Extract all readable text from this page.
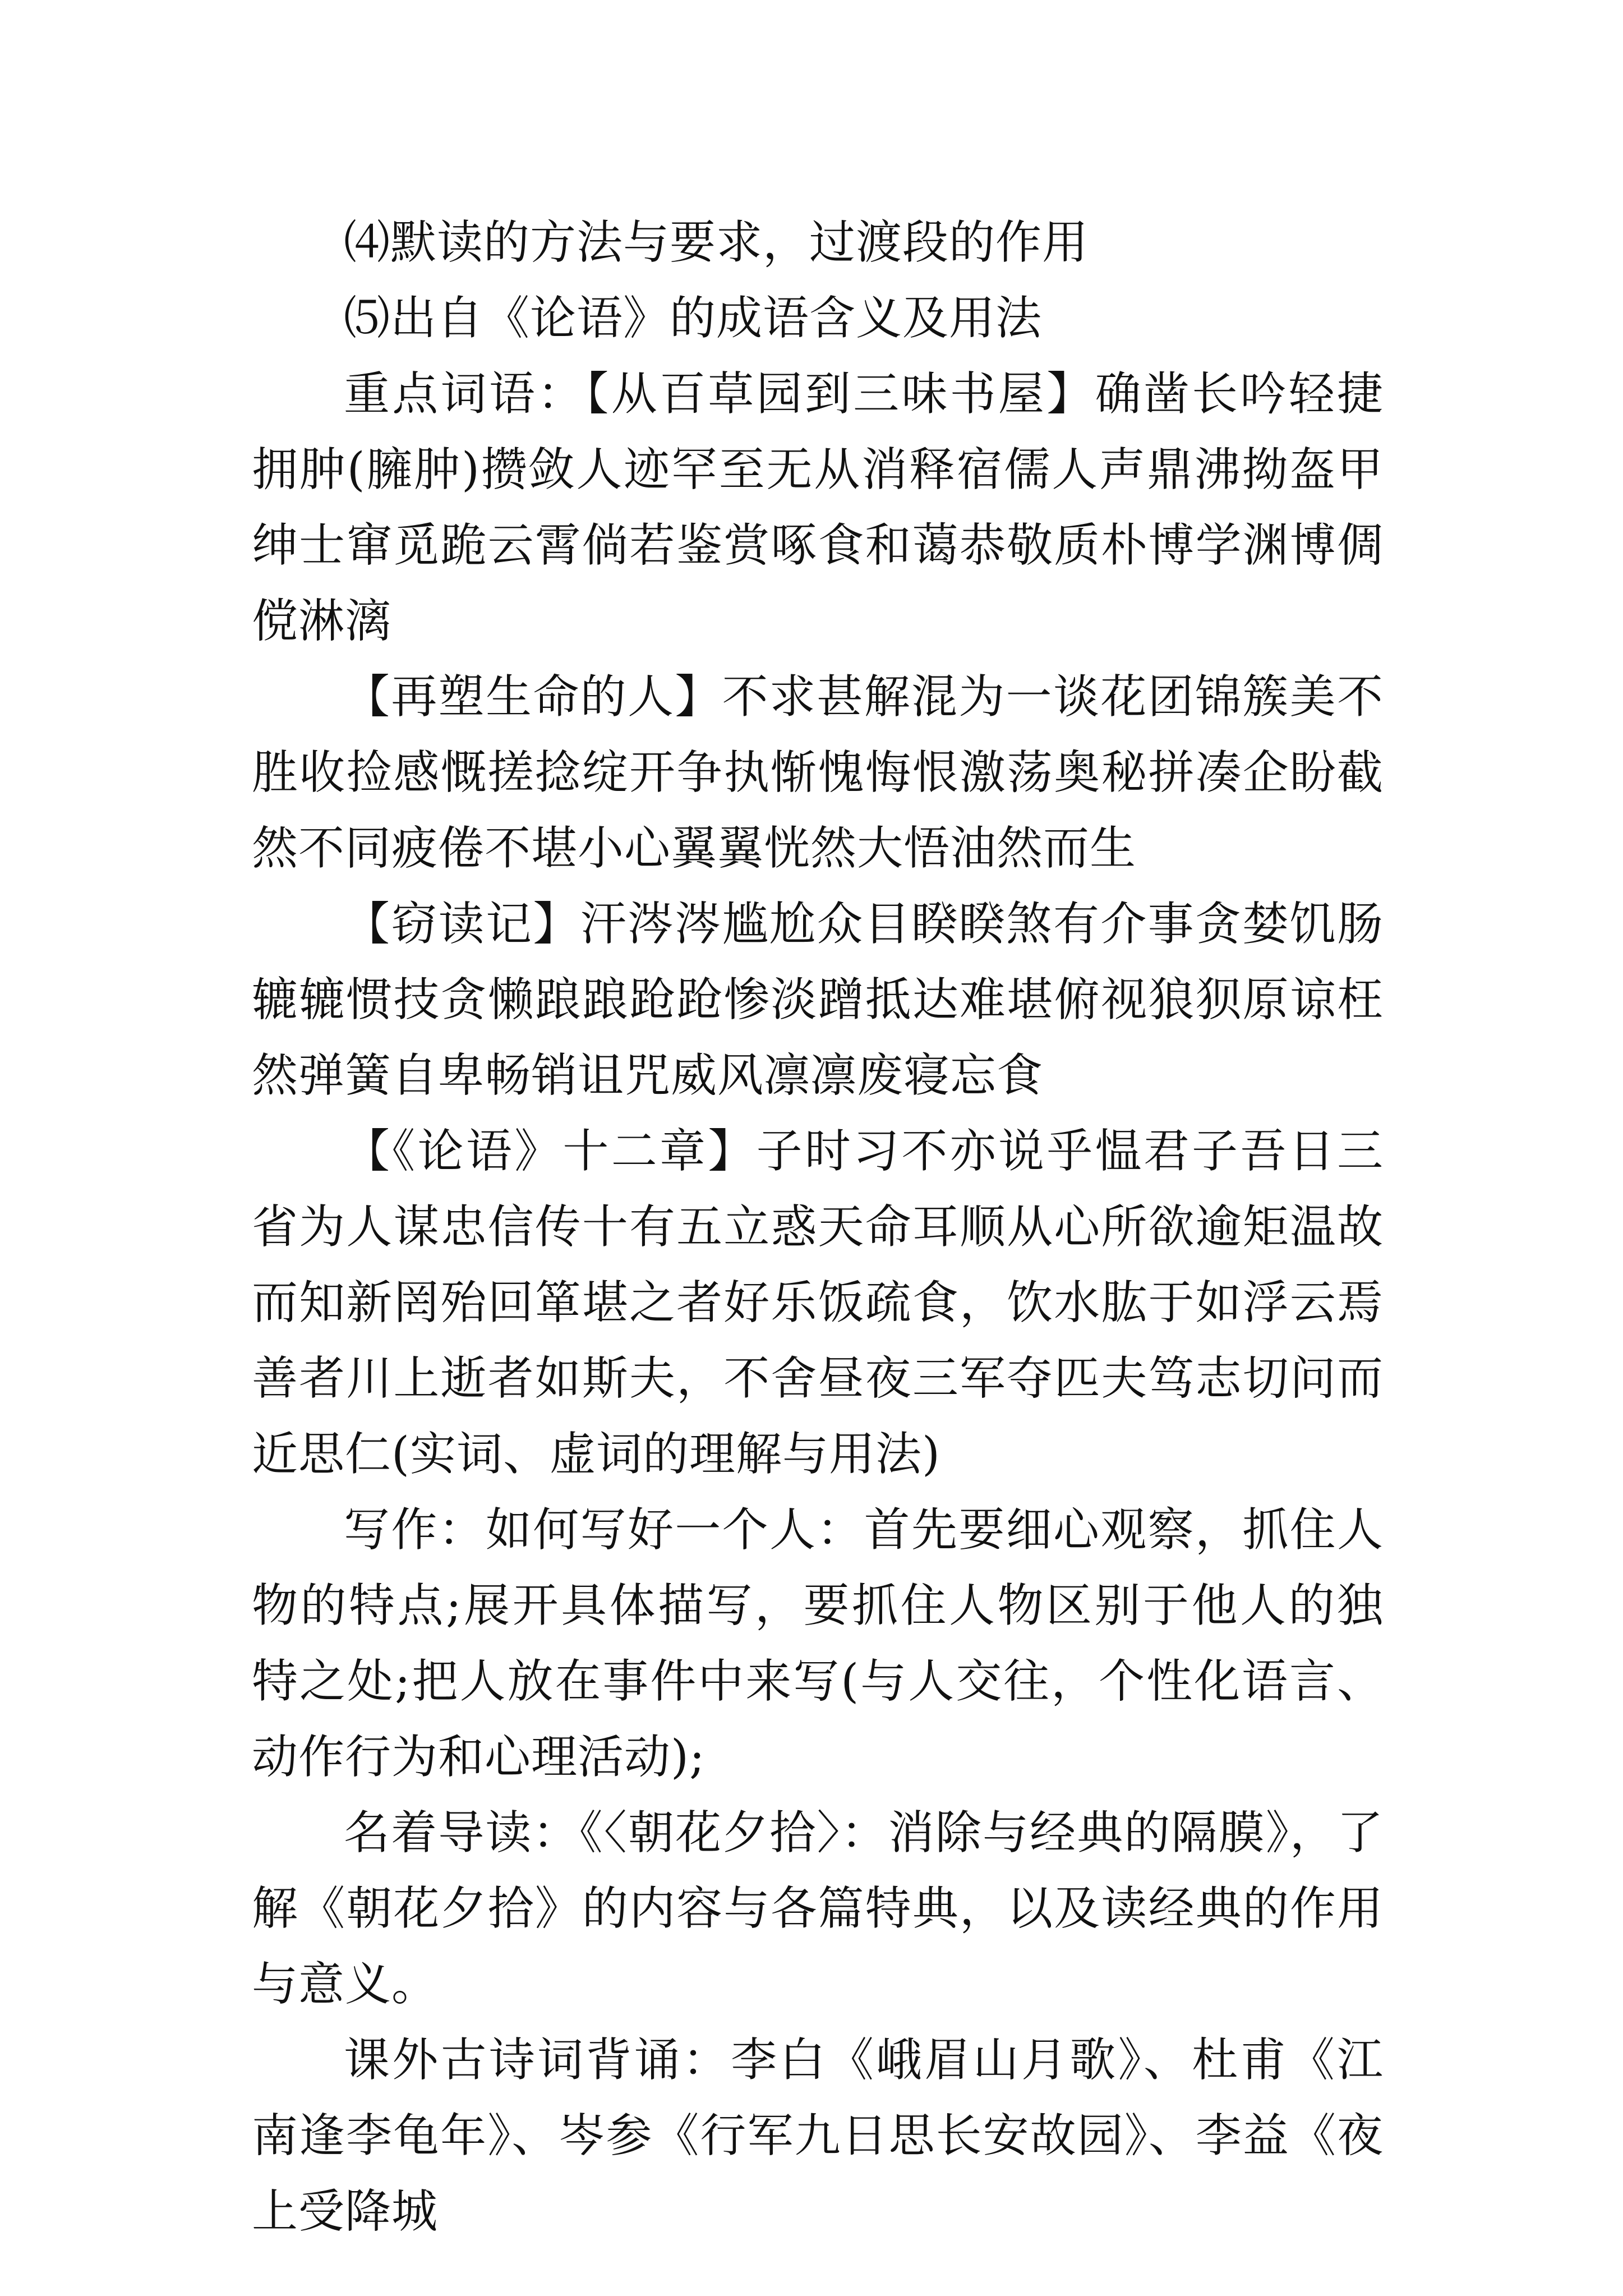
⑷默读的方法与要求，过渡段的作用

⑸出自《论语》的成语含义及用法

重点词语：【从百草园到三味书屋】确凿长吟轻捷拥肿(臃肿)攒敛人迹罕至无从消释宿儒人声鼎沸拗盔甲绅士窜觅跪云霄倘若鉴赏啄食和蔼恭敬质朴博学渊博倜傥淋漓

【再塑生命的人】不求甚解混为一谈花团锦簇美不胜收捡感慨搓捻绽开争执惭愧悔恨激荡奥秘拼凑企盼截然不同疲倦不堪小心翼翼恍然大悟油然而生

【窃读记】汗涔涔尴尬众目睽睽煞有介事贪婪饥肠辘辘惯技贪懒踉踉跄跄惨淡蹭抵达难堪俯视狼狈原谅枉然弹簧自卑畅销诅咒威风凛凛废寝忘食

【《论语》十二章】子时习不亦说乎愠君子吾日三省为人谋忠信传十有五立惑天命耳顺从心所欲逾矩温故而知新罔殆回箪堪之者好乐饭疏食，饮水肱于如浮云焉善者川上逝者如斯夫，不舍昼夜三军夺匹夫笃志切问而近思仁(实词、虚词的理解与用法)

写作：如何写好一个人：首先要细心观察，抓住人物的特点;展开具体描写，要抓住人物区别于他人的独特之处;把人放在事件中来写(与人交往，个性化语言、动作行为和心理活动);

名着导读：《〈朝花夕拾〉：消除与经典的隔膜》，了解《朝花夕拾》的内容与各篇特典，以及读经典的作用与意义。

课外古诗词背诵：李白《峨眉山月歌》、杜甫《江南逢李龟年》、岑参《行军九日思长安故园》、李益《夜上受降城
